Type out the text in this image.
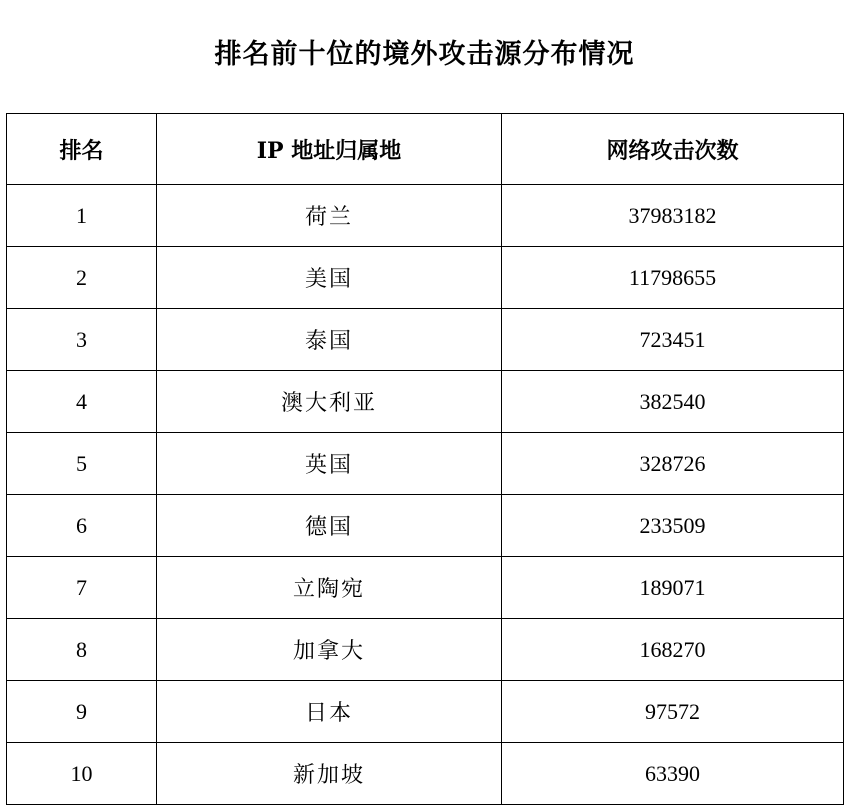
排名前十位的境外攻击源分布情况
排名	IP 地址归属地	网络攻击次数
1	荷兰	37983182
2	美国	11798655
3	泰国	723451
4	澳大利亚	382540
5	英国	328726
6	德国	233509
7	立陶宛	189071
8	加拿大	168270
9	日本	97572
10	新加坡	63390
